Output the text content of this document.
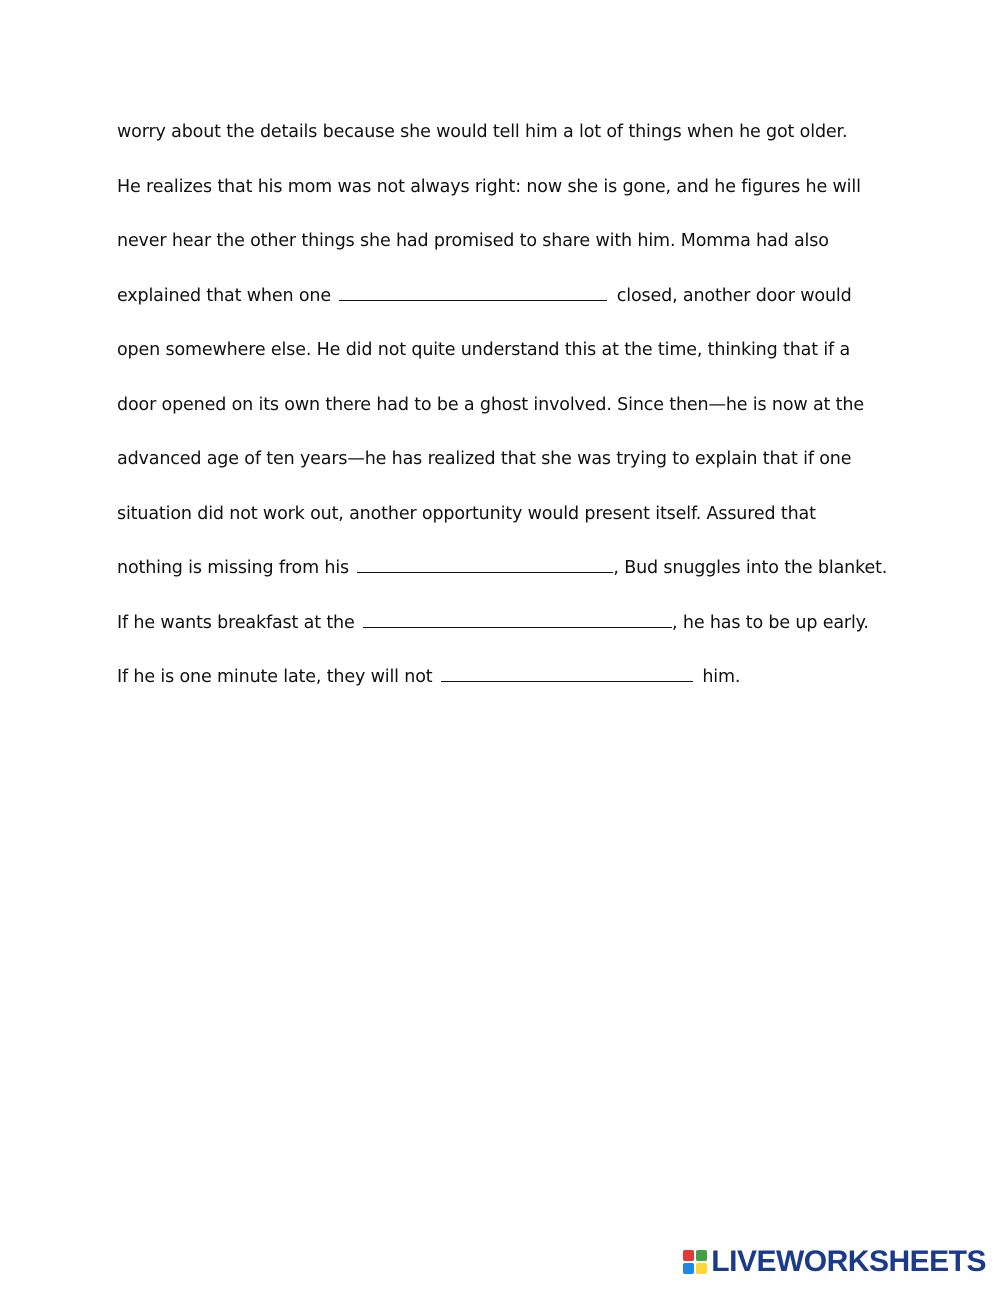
worry about the details because she would tell him a lot of things when he got older.
He realizes that his mom was not always right: now she is gone, and he figures he will
never hear the other things she had promised to share with him. Momma had also
explained that when one	closed, another door would
open somewhere else. He did not quite understand this at the time, thinking that if a
door opened on its own there had to be a ghost involved. Since then—he is now at the
advanced age of ten years—he has realized that she was trying to explain that if one
situation did not work out, another opportunity would present itself. Assured that
nothing is missing from his	, Bud snuggles into the blanket.
If he wants breakfast at the	, he has to be up early.
If he is one minute late, they will not	him.
LIVEWORKSHEETS
